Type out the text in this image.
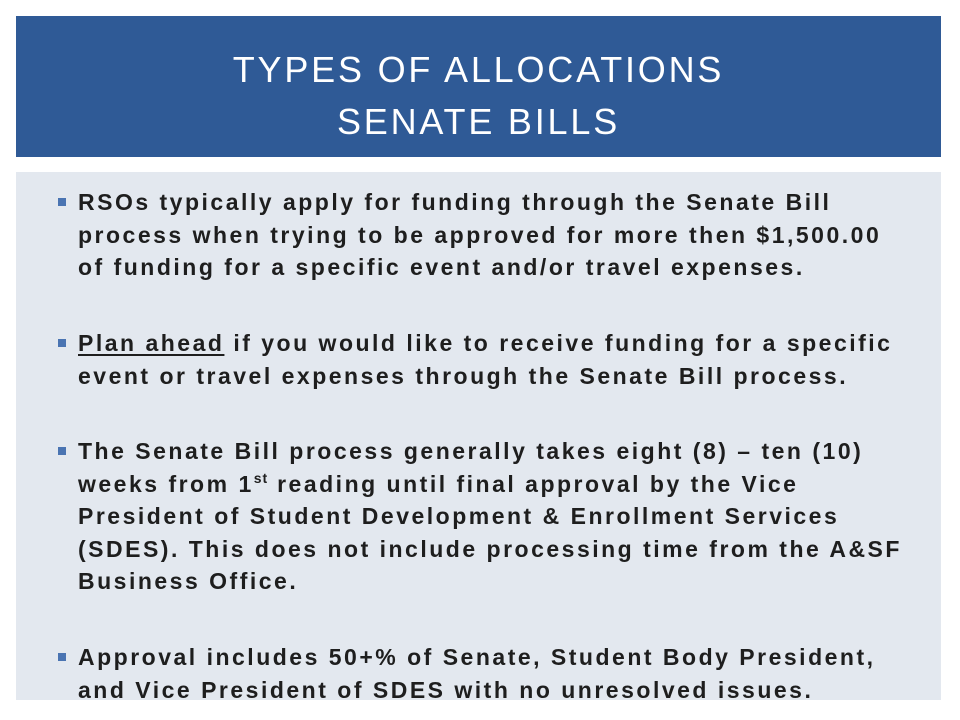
TYPES OF ALLOCATIONS
SENATE BILLS
RSOs typically apply for funding through the Senate Bill
process when trying to be approved for more then $1,500.00
of funding for a specific event and/or travel expenses.
Plan ahead if you would like to receive funding for a specific
event or travel expenses through the Senate Bill process.
The Senate Bill process generally takes eight (8) – ten (10)
weeks from 1st reading until final approval by the Vice
President of Student Development & Enrollment Services
(SDES). This does not include processing time from the A&SF
Business Office.
Approval includes 50+% of Senate, Student Body President,
and Vice President of SDES with no unresolved issues.
